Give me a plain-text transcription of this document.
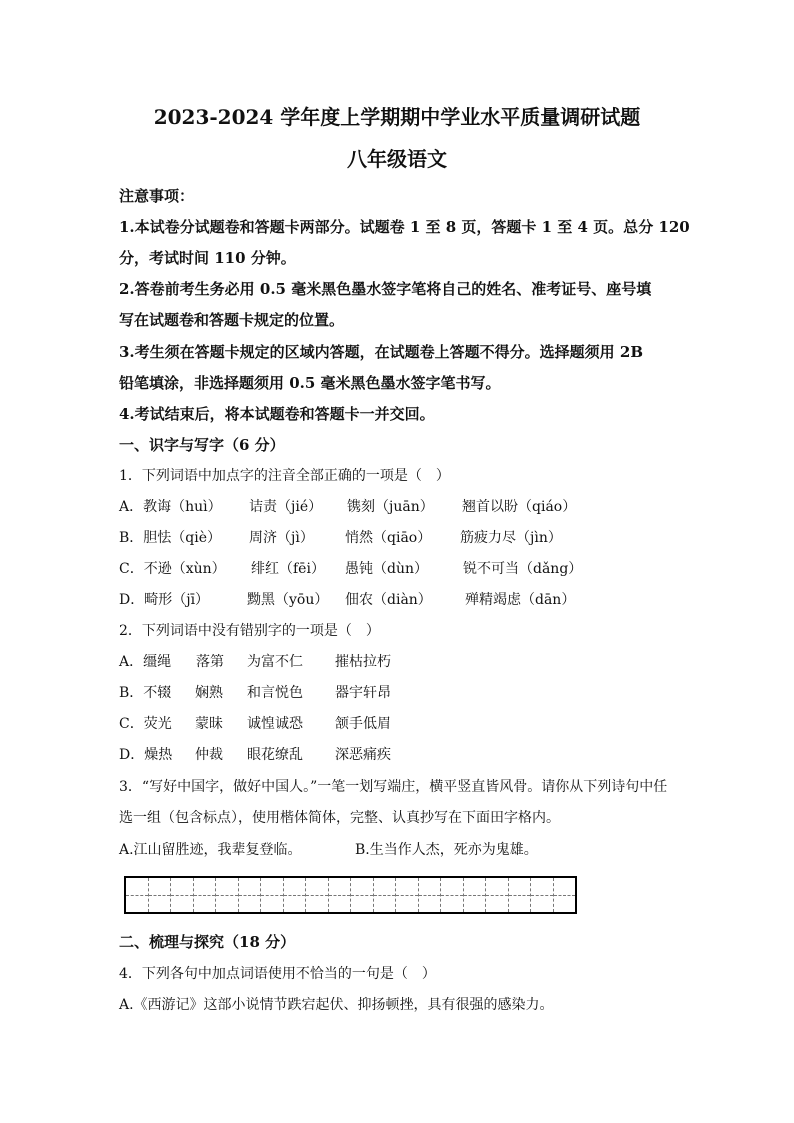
2023-2024 学年度上学期期中学业水平质量调研试题
八年级语文
注意事项：
1.本试卷分试题卷和答题卡两部分。试题卷 1 至 8 页，答题卡 1 至 4 页。总分 120
分，考试时间 110 分钟。
2.答卷前考生务必用 0.5 毫米黑色墨水签字笔将自己的姓名、准考证号、座号填
写在试题卷和答题卡规定的位置。
3.考生须在答题卡规定的区域内答题，在试题卷上答题不得分。选择题须用 2B
铅笔填涂，非选择题须用 0.5 毫米黑色墨水签字笔书写。
4.考试结束后，将本试题卷和答题卡一并交回。
一、识字与写字（6 分）
1．下列词语中加点字的注音全部正确的一项是（　）
A．教诲（huì） 诘责（jié） 镌刻（juān） 翘首以盼（qiáo）
B．胆怯（qiè） 周济（jì） 悄然（qiāo） 筋疲力尽（jìn）
C．不逊（xùn） 绯红（fēi） 愚钝（dùn）	锐不可当（dǎng）
D．畸形（jī）	黝黑（yōu） 佃农（diàn） 殚精竭虑（dān）
2．下列词语中没有错别字的一项是（　）
A．缰绳 落第 为富不仁 摧枯拉朽
B．不辍 娴熟 和言悦色 器宇轩昂
C．荧光 蒙昧 诚惶诚恐 颔手低眉
D．燥热 仲裁 眼花缭乱 深恶痛疾
3．“写好中国字，做好中国人。”一笔一划写端庄，横平竖直皆风骨。请你从下列诗句中任
选一组（包含标点），使用楷体简体，完整、认真抄写在下面田字格内。
A.江山留胜迹，我辈复登临。	B.生当作人杰，死亦为鬼雄。
二、梳理与探究（18 分）
4．下列各句中加点词语使用不恰当的一句是（　）
A.《西游记》这部小说情节跌宕起伏、抑扬顿挫，具有很强的感染力。
